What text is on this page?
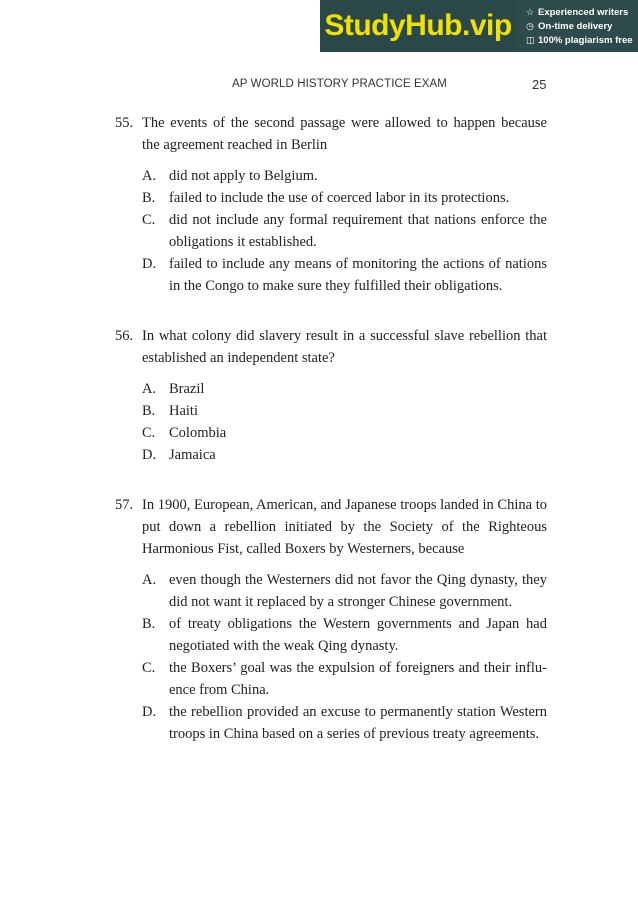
StudyHub.vip	☆ Experienced writers
◷ On-time delivery
◫ 100% plagiarism free
AP WORLD HISTORY PRACTICE EXAM	25
55. The events of the second passage were allowed to happen because the agreement reached in Berlin
A. did not apply to Belgium.
B. failed to include the use of coerced labor in its protections.
C. did not include any formal requirement that nations enforce the obligations it established.
D. failed to include any means of monitoring the actions of nations in the Congo to make sure they fulfilled their obligations.
56. In what colony did slavery result in a successful slave rebellion that established an independent state?
A. Brazil
B. Haiti
C. Colombia
D. Jamaica
57. In 1900, European, American, and Japanese troops landed in China to put down a rebellion initiated by the Society of the Righteous Harmonious Fist, called Boxers by Westerners, because
A. even though the Westerners did not favor the Qing dynasty, they did not want it replaced by a stronger Chinese government.
B. of treaty obligations the Western governments and Japan had negotiated with the weak Qing dynasty.
C. the Boxers’ goal was the expulsion of foreigners and their influ-ence from China.
D. the rebellion provided an excuse to permanently station Western troops in China based on a series of previous treaty agreements.
